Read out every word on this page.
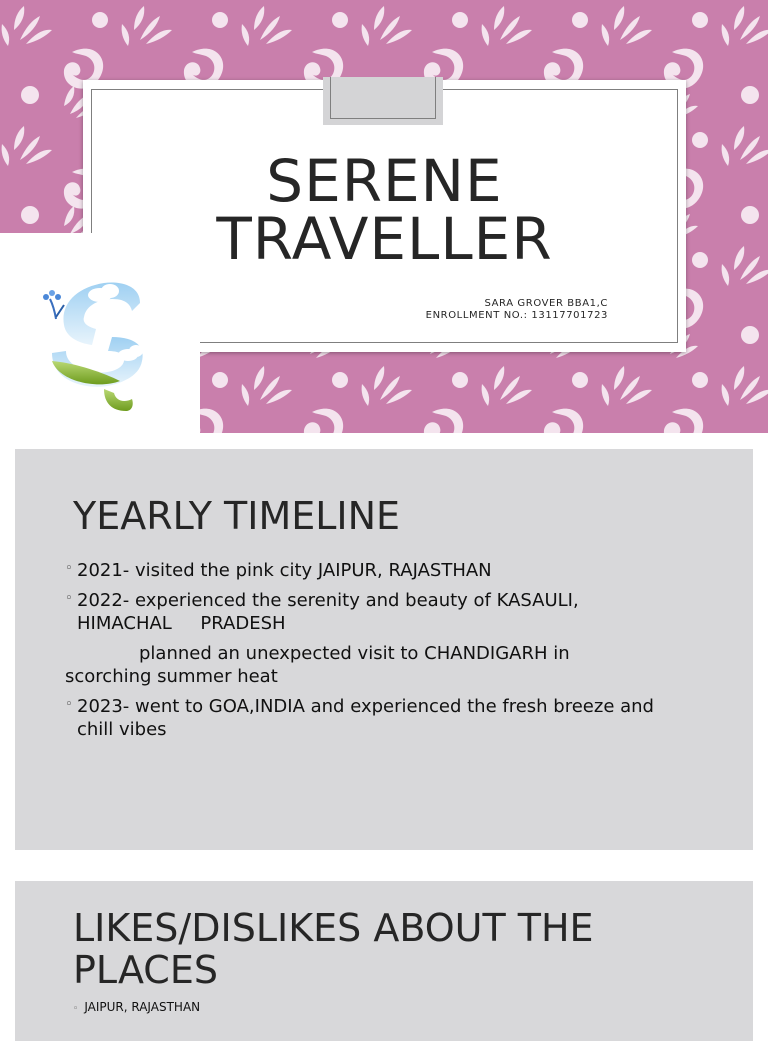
SERENE
TRAVELLER
SARA GROVER BBA1,C
ENROLLMENT NO.: 13117701723
YEARLY TIMELINE
◦ 2021- visited the pink city JAIPUR, RAJASTHAN
◦ 2022- experienced the serenity and beauty of KASAULI,
HIMACHAL     PRADESH
planned an unexpected visit to CHANDIGARH in
scorching summer heat
◦ 2023- went to GOA,INDIA and experienced the fresh breeze and
chill vibes
LIKES/DISLIKES ABOUT THE
PLACES
◦ JAIPUR, RAJASTHAN
